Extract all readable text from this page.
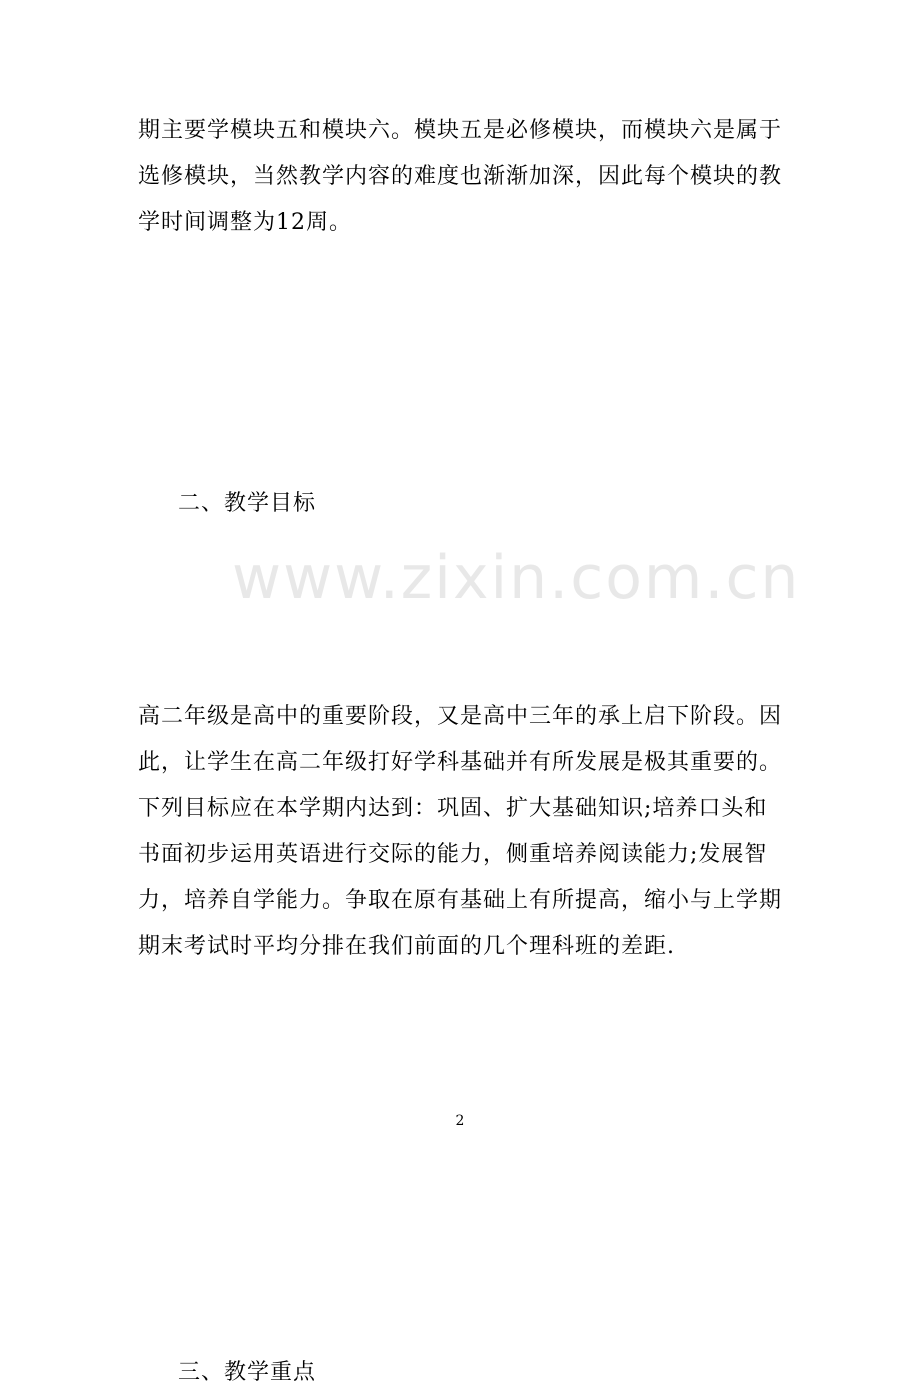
www.zixin.com.cn

期主要学模块五和模块六。模块五是必修模块，而模块六是属于选修模块，当然教学内容的难度也渐渐加深，因此每个模块的教学时间调整为12周。

二、教学目标

高二年级是高中的重要阶段，又是高中三年的承上启下阶段。因此，让学生在高二年级打好学科基础并有所发展是极其重要的。下列目标应在本学期内达到：巩固、扩大基础知识;培养口头和书面初步运用英语进行交际的能力，侧重培养阅读能力;发展智力，培养自学能力。争取在原有基础上有所提高，缩小与上学期期末考试时平均分排在我们前面的几个理科班的差距.

三、教学重点

2
